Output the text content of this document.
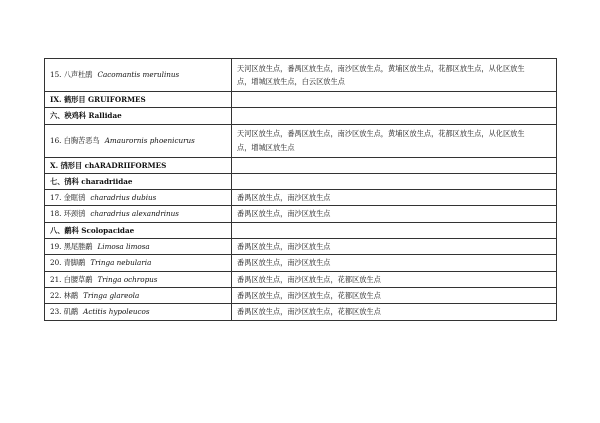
15. 八声杜鹃 Cacomantis merulinus	天河区放生点，番禺区放生点，南沙区放生点，黄埔区放生点，花都区放生点，从化区放生
点，增城区放生点，白云区放生点

IX. 鹤形目 GRUIFORMES	
六、秧鸡科 Rallidae	
16. 白胸苦恶鸟 Amaurornis phoenicurus	天河区放生点，番禺区放生点，南沙区放生点，黄埔区放生点，花都区放生点，从化区放生
点，增城区放生点

X. 鸻形目 chARADRIIFORMES	
七、鸻科 charadriidae	
17. 金眶鸻 charadrius dubius	番禺区放生点，南沙区放生点
18. 环颈鸻 charadrius alexandrinus	番禺区放生点，南沙区放生点
八、鹬科 Scolopacidae	
19. 黑尾塍鹬 Limosa limosa	番禺区放生点，南沙区放生点
20. 青脚鹬 Tringa nebularia	番禺区放生点，南沙区放生点
21. 白腰草鹬 Tringa ochropus	番禺区放生点，南沙区放生点，花都区放生点
22. 林鹬 Tringa glareola	番禺区放生点，南沙区放生点，花都区放生点
23. 矶鹬 Actitis hypoleucos	番禺区放生点，南沙区放生点，花都区放生点
